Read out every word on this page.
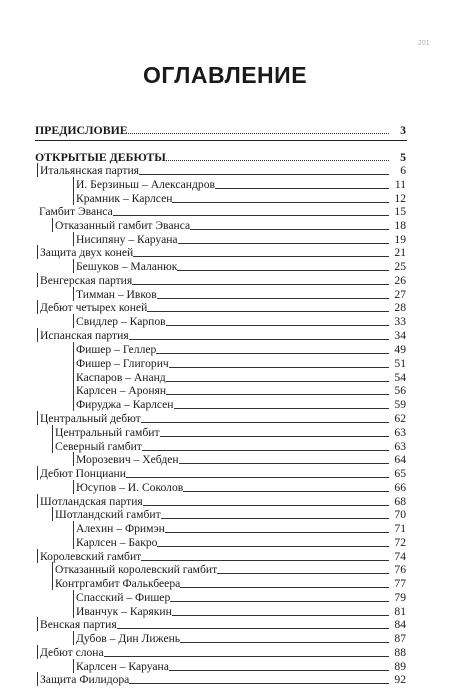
201
ОГЛАВЛЕНИЕ
ПРЕДИСЛОВИЕ	3
ОТКРЫТЫЕ ДЕБЮТЫ	5
Итальянская партия	6
И. Берзиньш – Александров	11
Крамник – Карлсен	12
Гамбит Эванса	15
Отказанный гамбит Эванса	18
Нисипяну – Каруана	19
Защита двух коней	21
Бешуков – Маланюк	25
Венгерская партия	26
Тимман – Ивков	27
Дебют четырех коней	28
Свидлер – Карпов	33
Испанская партия	34
Фишер – Геллер	49
Фишер – Глигорич	51
Каспаров – Ананд	54
Карлсен – Аронян	56
Фируджа – Карлсен	59
Центральный дебют	62
Центральный гамбит	63
Северный гамбит	63
Морозевич – Хебден	64
Дебют Понциани	65
Юсупов – И. Соколов	66
Шотландская партия	68
Шотландский гамбит	70
Алехин – Фримэн	71
Карлсен – Бакро	72
Королевский гамбит	74
Отказанный королевский гамбит	76
Контргамбит Фалькбеера	77
Спасский – Фишер	79
Иванчук – Карякин	81
Венская партия	84
Дубов – Дин Лижень	87
Дебют слона	88
Карлсен – Каруана	89
Защита Филидора	92
